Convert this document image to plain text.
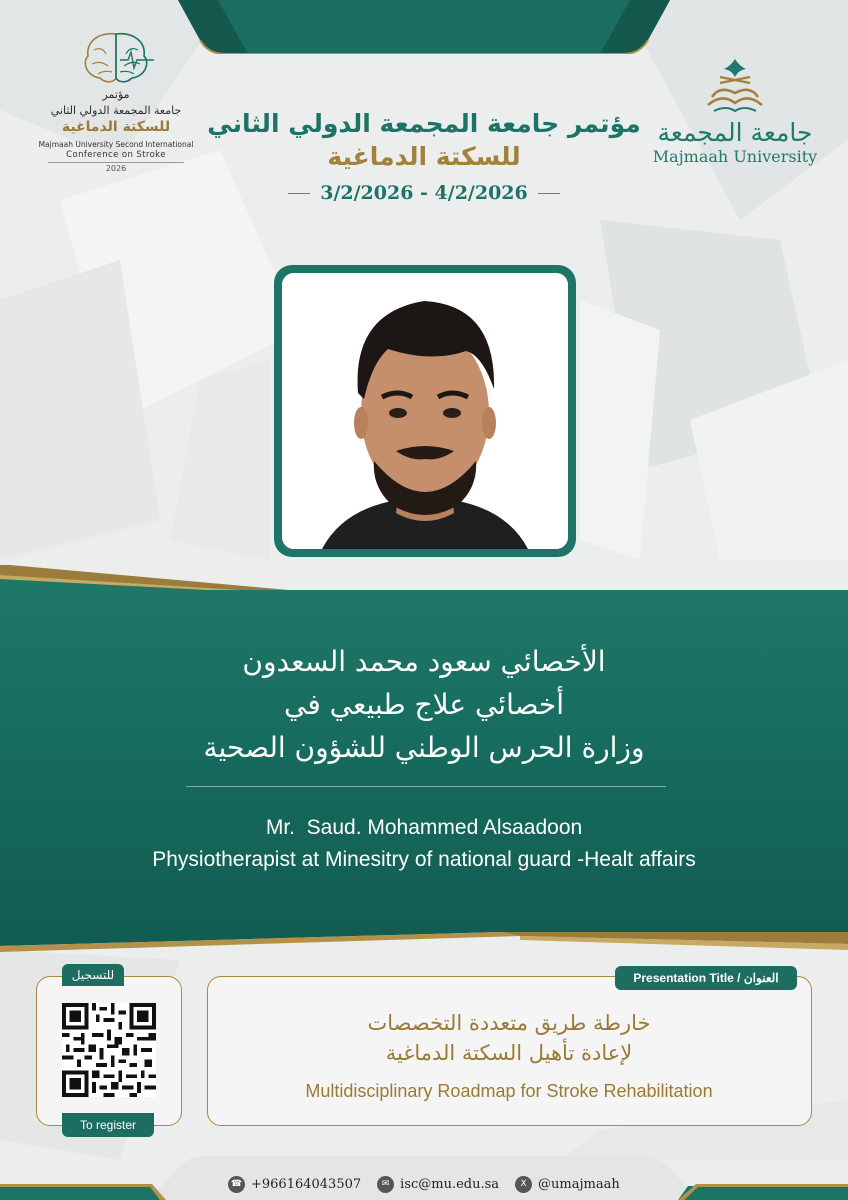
مؤتمر
جامعة المجمعة الدولي الثاني
للسكتة الدماغية
Majmaah University Second International
Conference on Stroke
2026
جامعة المجمعة
Majmaah University
مؤتمر جامعة المجمعة الدولي الثاني
للسكتة الدماغية
3/2/2026 - 4/2/2026
الأخصائي سعود محمد السعدون
أخصائي علاج طبيعي في
وزارة الحرس الوطني للشؤون الصحية
Mr.  Saud. Mohammed Alsaadoon
Physiotherapist at Minesitry of national guard -Healt affairs
للتسجيل
To register
Presentation Title / العنوان
خارطة طريق متعددة التخصصات
لإعادة تأهيل السكتة الدماغية
Multidisciplinary Roadmap for Stroke Rehabilitation
☎ +966164043507	✉ isc@mu.edu.sa	X @umajmaah
